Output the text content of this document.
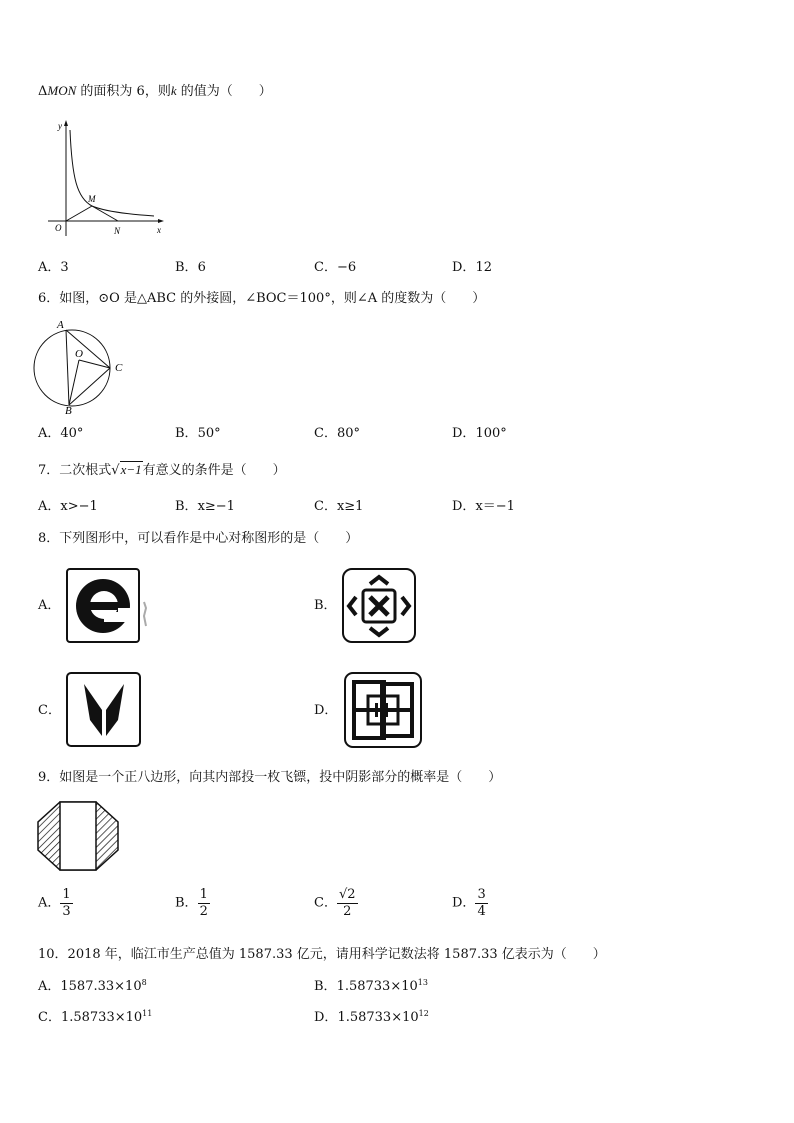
ΔMON 的面积为 6，则k 的值为（　　）
y
x
O
M
N
A．3	B．6	C．−6	D．12
6．如图，⊙O 是△ABC 的外接圆，∠BOC＝100°，则∠A 的度数为（　　）
A
O
C
B
A．40°	B．50°	C．80°	D．100°
7．二次根式√x−1有意义的条件是（　　）
A．x>−1	B．x≥−1	C．x≥1	D．x＝−1
8．下列图形中，可以看作是中心对称图形的是（　　）
A．	B．
C．	D．
9．如图是一个正八边形，向其内部投一枚飞镖，投中阴影部分的概率是（　　）
A． $\frac{1}{3}$	B． $\frac{1}{2}$	C． $\frac{√2}{2}$	D． $\frac{3}{4}$
10．2018 年，临江市生产总值为 1587.33 亿元，请用科学记数法将 1587.33 亿表示为（　　）
A．$1587.33\times 10^8$	B．$1.58733\times 10^{13}$
C．$1.58733\times 10^{11}$	D．$1.58733\times 10^{12}$
